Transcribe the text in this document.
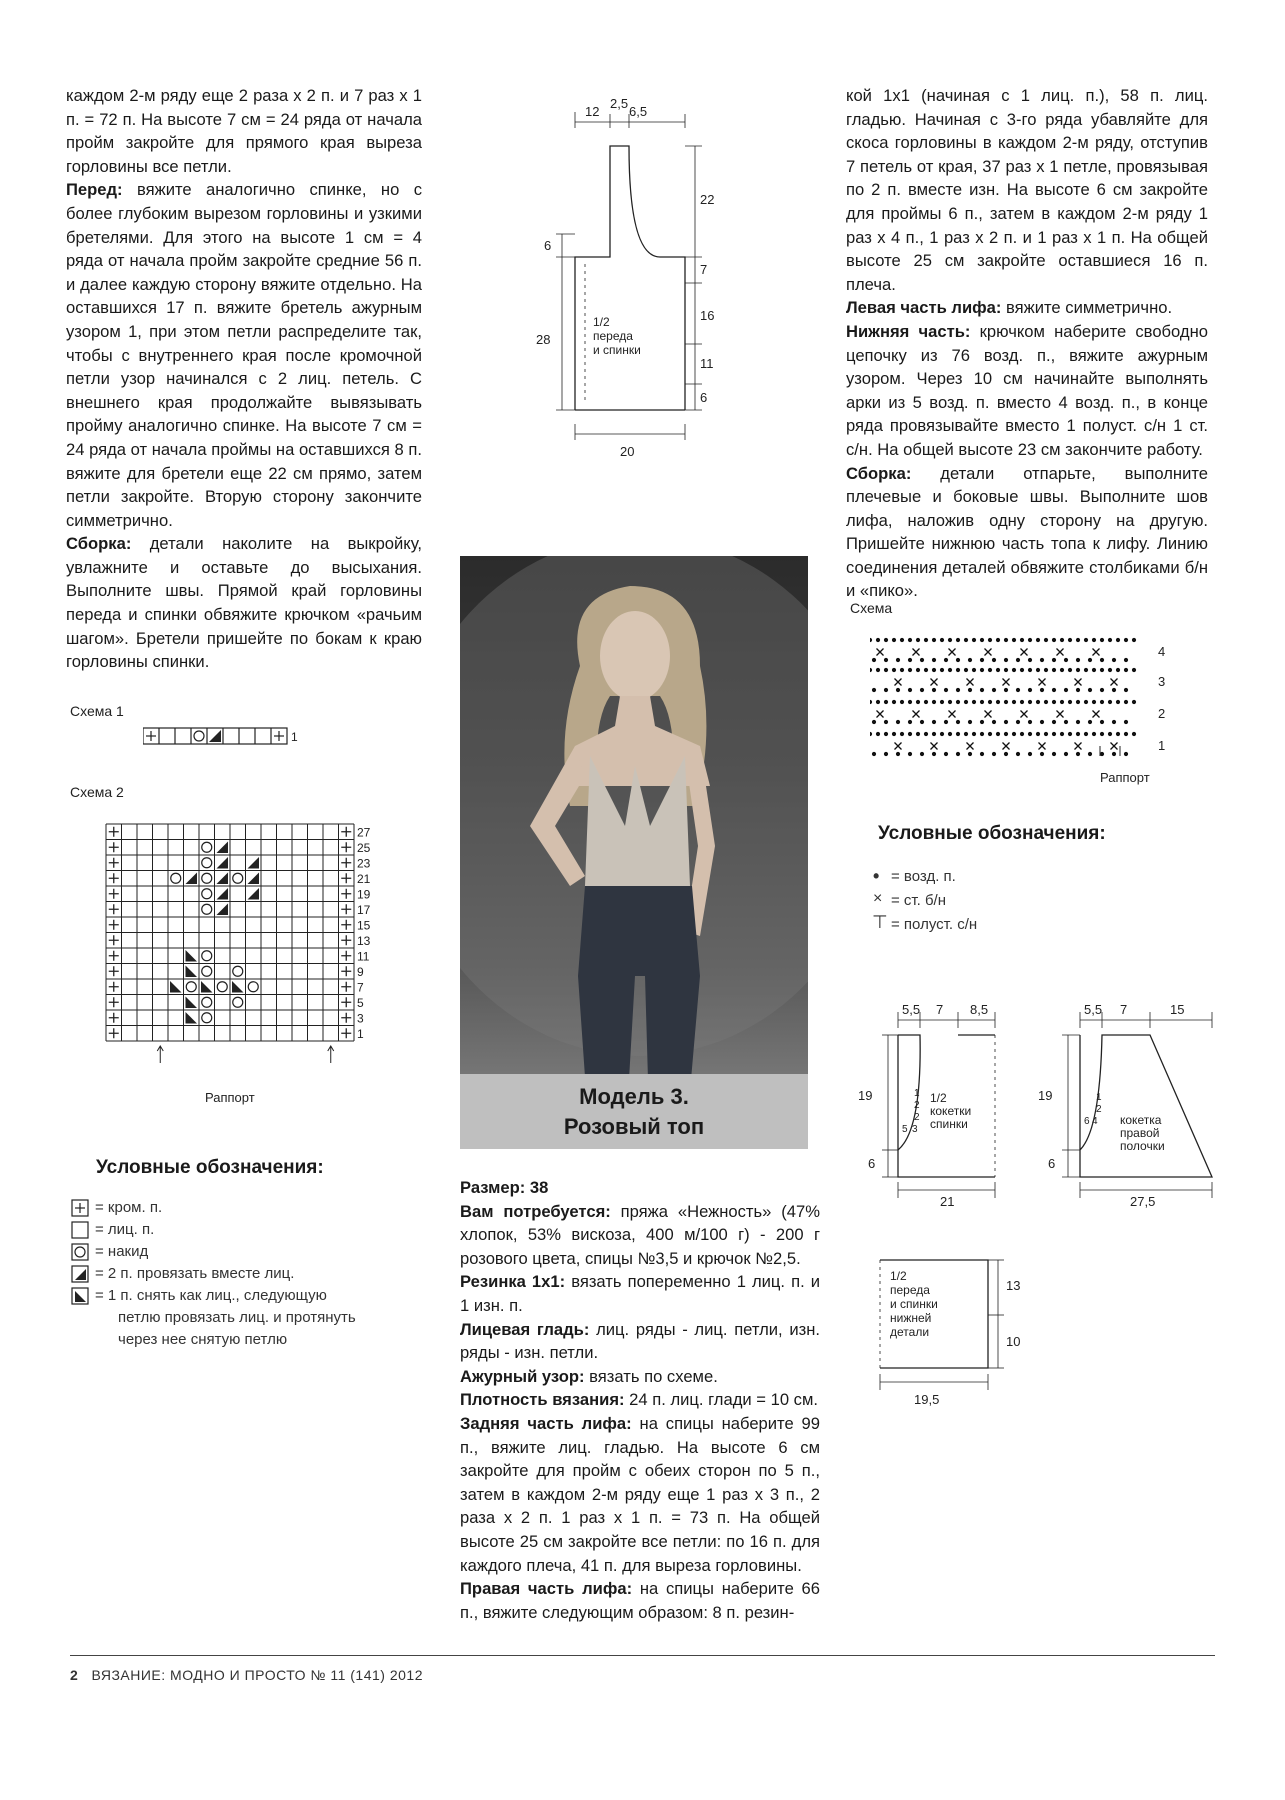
каждом 2-м ряду еще 2 раза х 2 п. и 7 раз х 1 п. = 72 п. На высоте 7 см = 24 ряда от начала пройм закройте для прямого края выреза горловины все петли.

Перед: вяжите аналогично спинке, но с более глубоким вырезом горловины и узкими бретелями. Для этого на высоте 1 см = 4 ряда от начала пройм закройте средние 56 п. и далее каждую сторону вяжите отдельно. На оставшихся 17 п. вяжите бретель ажурным узором 1, при этом петли распределите так, чтобы с внутреннего края после кромочной петли узор начинался с 2 лиц. петель. С внешнего края продолжайте вывязывать пройму аналогично спинке. На высоте 7 см = 24 ряда от начала проймы на оставшихся 8 п. вяжите для бретели еще 22 см прямо, затем петли закройте. Вторую сторону закончите симметрично.

Сборка: детали наколите на выкройку, увлажните и оставьте до высыхания. Выполните швы. Прямой край горловины переда и спинки обвяжите крючком «рачьим шагом». Бретели пришейте по бокам к краю горловины спинки.

Схема 1
1
Схема 2
27
25
23
21
19
17
15
13
11
9
7
5
3
1
Раппорт
Условные обозначения:
= кром. п.
= лиц. п.
= накид
= 2 п. провязать вместе лиц.
= 1 п. снять как лиц., следующую
петлю провязать лиц. и протянуть
через нее снятую петлю
12
2,5
6,5
22
7
16
11
6
6
28
20
1/2
переда
и спинки
Модель 3.
Розовый топ

Размер: 38

Вам потребуется: пряжа «Нежность» (47% хлопок, 53% вискоза, 400 м/100 г) - 200 г розового цвета, спицы №3,5 и крючок №2,5.

Резинка 1х1: вязать попеременно 1 лиц. п. и 1 изн. п.

Лицевая гладь: лиц. ряды - лиц. петли, изн. ряды - изн. петли.

Ажурный узор: вязать по схеме.

Плотность вязания: 24 п. лиц. глади = 10 см.

Задняя часть лифа: на спицы наберите 99 п., вяжите лиц. гладью. На высоте 6 см закройте для пройм с обеих сторон по 5 п., затем в каждом 2-м ряду еще 1 раз х 3 п., 2 раза х 2 п. 1 раз х 1 п. = 73 п. На общей высоте 25 см закройте все петли: по 16 п. для каждого плеча, 41 п. для выреза горловины.

Правая часть лифа: на спицы наберите 66 п., вяжите следующим образом: 8 п. резин-

кой 1х1 (начиная с 1 лиц. п.), 58 п. лиц. гладью. Начиная с 3-го ряда убавляйте для скоса горловины в каждом 2-м ряду, отступив 7 петель от края, 37 раз х 1 петле, провязывая по 2 п. вместе изн. На высоте 6 см закройте для проймы 6 п., затем в каждом 2-м ряду 1 раз х 4 п., 1 раз х 2 п. и 1 раз х 1 п. На общей высоте 25 см закройте оставшиеся 16 п. плеча.

Левая часть лифа: вяжите симметрично.

Нижняя часть: крючком наберите свободно цепочку из 76 возд. п., вяжите ажурным узором. Через 10 см начинайте выполнять арки из 5 возд. п. вместо 4 возд. п., в конце ряда провязывайте вместо 1 полуст. с/н 1 ст. с/н. На общей высоте 23 см закончите работу.

Сборка: детали отпарьте, выполните плечевые и боковые швы. Выполните шов лифа, наложив одну сторону на другую. Пришейте нижнюю часть топа к лифу. Линию соединения деталей обвяжите столбиками б/н и «пико».

Схема
4
3
2
1
Раппорт
Условные обозначения:
• = возд. п.
× = ст. б/н
⊤ = полуст. с/н
5,5 7 8,5
19
6
21
1
2
2
5 3
1/2
кокетки
спинки
5,5 7	15
19
6
27,5
1
2
6 4 кокетка
правой
полочки
13
10
19,5
1/2
переда
и спинки
нижней
детали
2 ВЯЗАНИЕ: МОДНО И ПРОСТО № 11 (141) 2012
